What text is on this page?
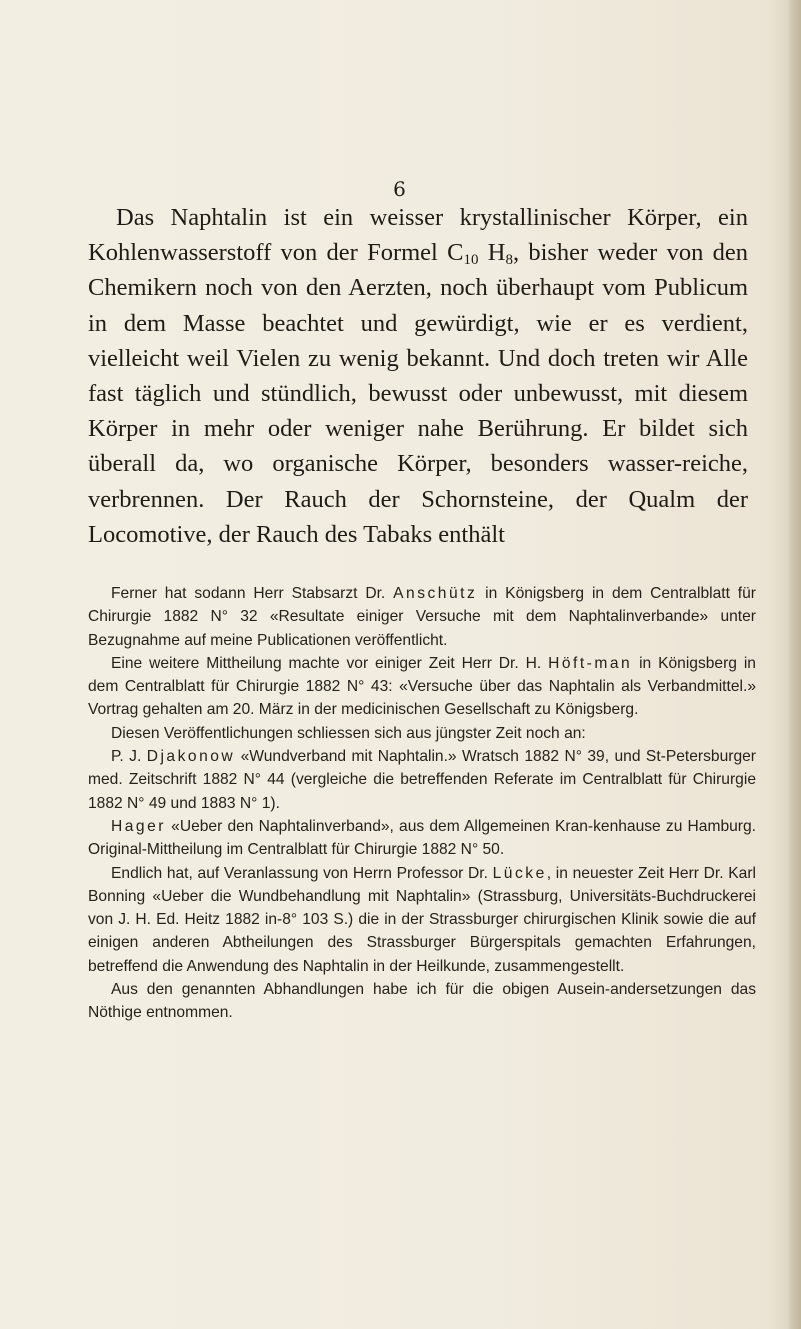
6

Das Naphtalin ist ein weisser krystallinischer Körper, ein Kohlenwasserstoff von der Formel $C_{10}$ $H_8$, bisher weder von den Chemikern noch von den Aerzten, noch überhaupt vom Publicum in dem Masse beachtet und gewürdigt, wie er es verdient, vielleicht weil Vielen zu wenig bekannt. Und doch treten wir Alle fast täglich und stündlich, bewusst oder unbewusst, mit diesem Körper in mehr oder weniger nahe Berührung. Er bildet sich überall da, wo organische Körper, besonders wasser-reiche, verbrennen. Der Rauch der Schornsteine, der Qualm der Locomotive, der Rauch des Tabaks enthält

Ferner hat sodann Herr Stabsarzt Dr. Anschütz in Königsberg in dem Centralblatt für Chirurgie 1882 N° 32 «Resultate einiger Versuche mit dem Naphtalinverbande» unter Bezugnahme auf meine Publicationen veröffentlicht.

Eine weitere Mittheilung machte vor einiger Zeit Herr Dr. H. Höft-man in Königsberg in dem Centralblatt für Chirurgie 1882 N° 43: «Versuche über das Naphtalin als Verbandmittel.» Vortrag gehalten am 20. März in der medicinischen Gesellschaft zu Königsberg.

Diesen Veröffentlichungen schliessen sich aus jüngster Zeit noch an:

P. J. Djakonow «Wundverband mit Naphtalin.» Wratsch 1882 N° 39, und St-Petersburger med. Zeitschrift 1882 N° 44 (vergleiche die betreffenden Referate im Centralblatt für Chirurgie 1882 N° 49 und 1883 N° 1).

Hager «Ueber den Naphtalinverband», aus dem Allgemeinen Kran-kenhause zu Hamburg. Original-Mittheilung im Centralblatt für Chirurgie 1882 N° 50.

Endlich hat, auf Veranlassung von Herrn Professor Dr. Lücke, in neuester Zeit Herr Dr. Karl Bonning «Ueber die Wundbehandlung mit Naphtalin» (Strassburg, Universitäts-Buchdruckerei von J. H. Ed. Heitz 1882 in-8° 103 S.) die in der Strassburger chirurgischen Klinik sowie die auf einigen anderen Abtheilungen des Strassburger Bürgerspitals gemachten Erfahrungen, betreffend die Anwendung des Naphtalin in der Heilkunde, zusammengestellt.

Aus den genannten Abhandlungen habe ich für die obigen Ausein-andersetzungen das Nöthige entnommen.
